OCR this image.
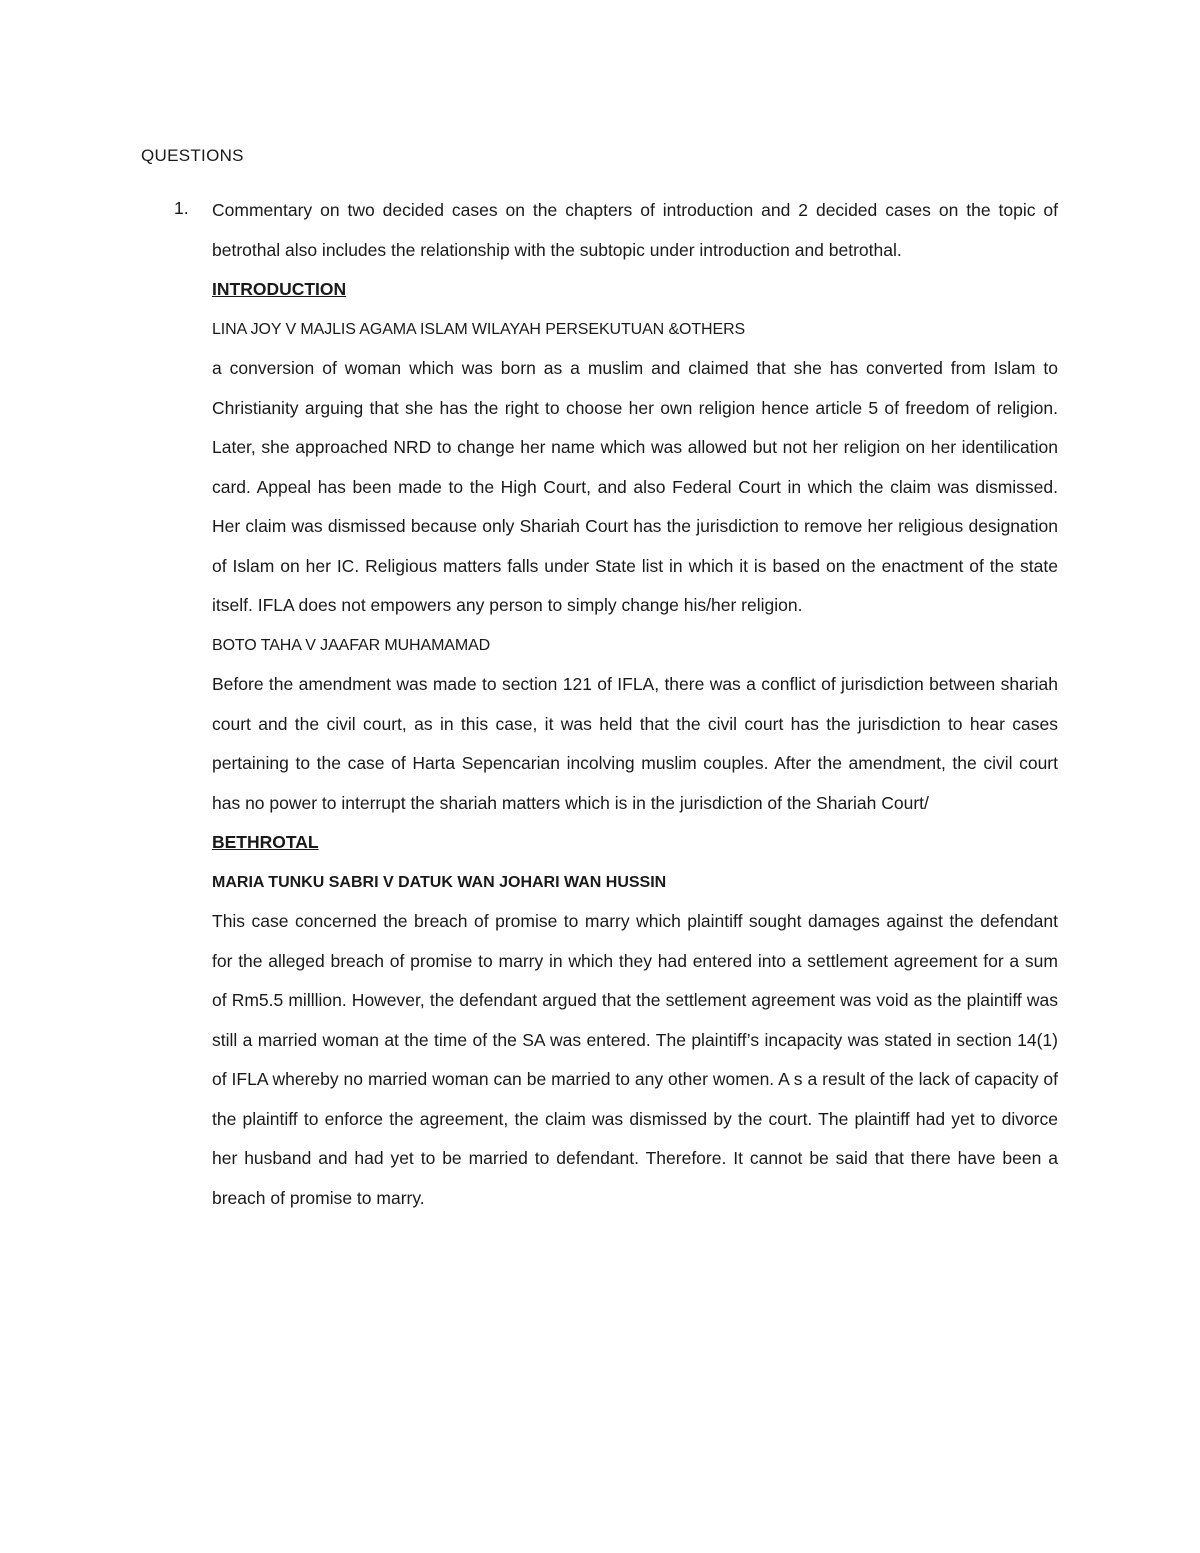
QUESTIONS
1. Commentary on two decided cases on the chapters of introduction and 2 decided cases on the topic of betrothal also includes the relationship with the subtopic under introduction and betrothal.

INTRODUCTION

LINA JOY V MAJLIS AGAMA ISLAM WILAYAH PERSEKUTUAN &OTHERS

a conversion of woman which was born as a muslim and claimed that she has converted from Islam to Christianity arguing that she has the right to choose her own religion hence article 5 of freedom of religion. Later, she approached NRD to change her name which was allowed but not her religion on her identilication card. Appeal has been made to the High Court, and also Federal Court in which the claim was dismissed. Her claim was dismissed because only Shariah Court has the jurisdiction to remove her religious designation of Islam on her IC. Religious matters falls under State list in which it is based on the enactment of the state itself. IFLA does not empowers any person to simply change his/her religion.

BOTO TAHA V JAAFAR MUHAMAMAD

Before the amendment was made to section 121 of IFLA, there was a conflict of jurisdiction between shariah court and the civil court, as in this case, it was held that the civil court has the jurisdiction to hear cases pertaining to the case of Harta Sepencarian incolving muslim couples. After the amendment, the civil court has no power to interrupt the shariah matters which is in the jurisdiction of the Shariah Court/

BETHROTAL

MARIA TUNKU SABRI V DATUK WAN JOHARI WAN HUSSIN

This case concerned the breach of promise to marry which plaintiff sought damages against the defendant for the alleged breach of promise to marry in which they had entered into a settlement agreement for a sum of Rm5.5 milllion. However, the defendant argued that the settlement agreement was void as the plaintiff was still a married woman at the time of the SA was entered. The plaintiff’s incapacity was stated in section 14(1) of IFLA whereby no married woman can be married to any other women. A s a result of the lack of capacity of the plaintiff to enforce the agreement, the claim was dismissed by the court. The plaintiff had yet to divorce her husband and had yet to be married to defendant. Therefore. It cannot be said that there have been a breach of promise to marry.
